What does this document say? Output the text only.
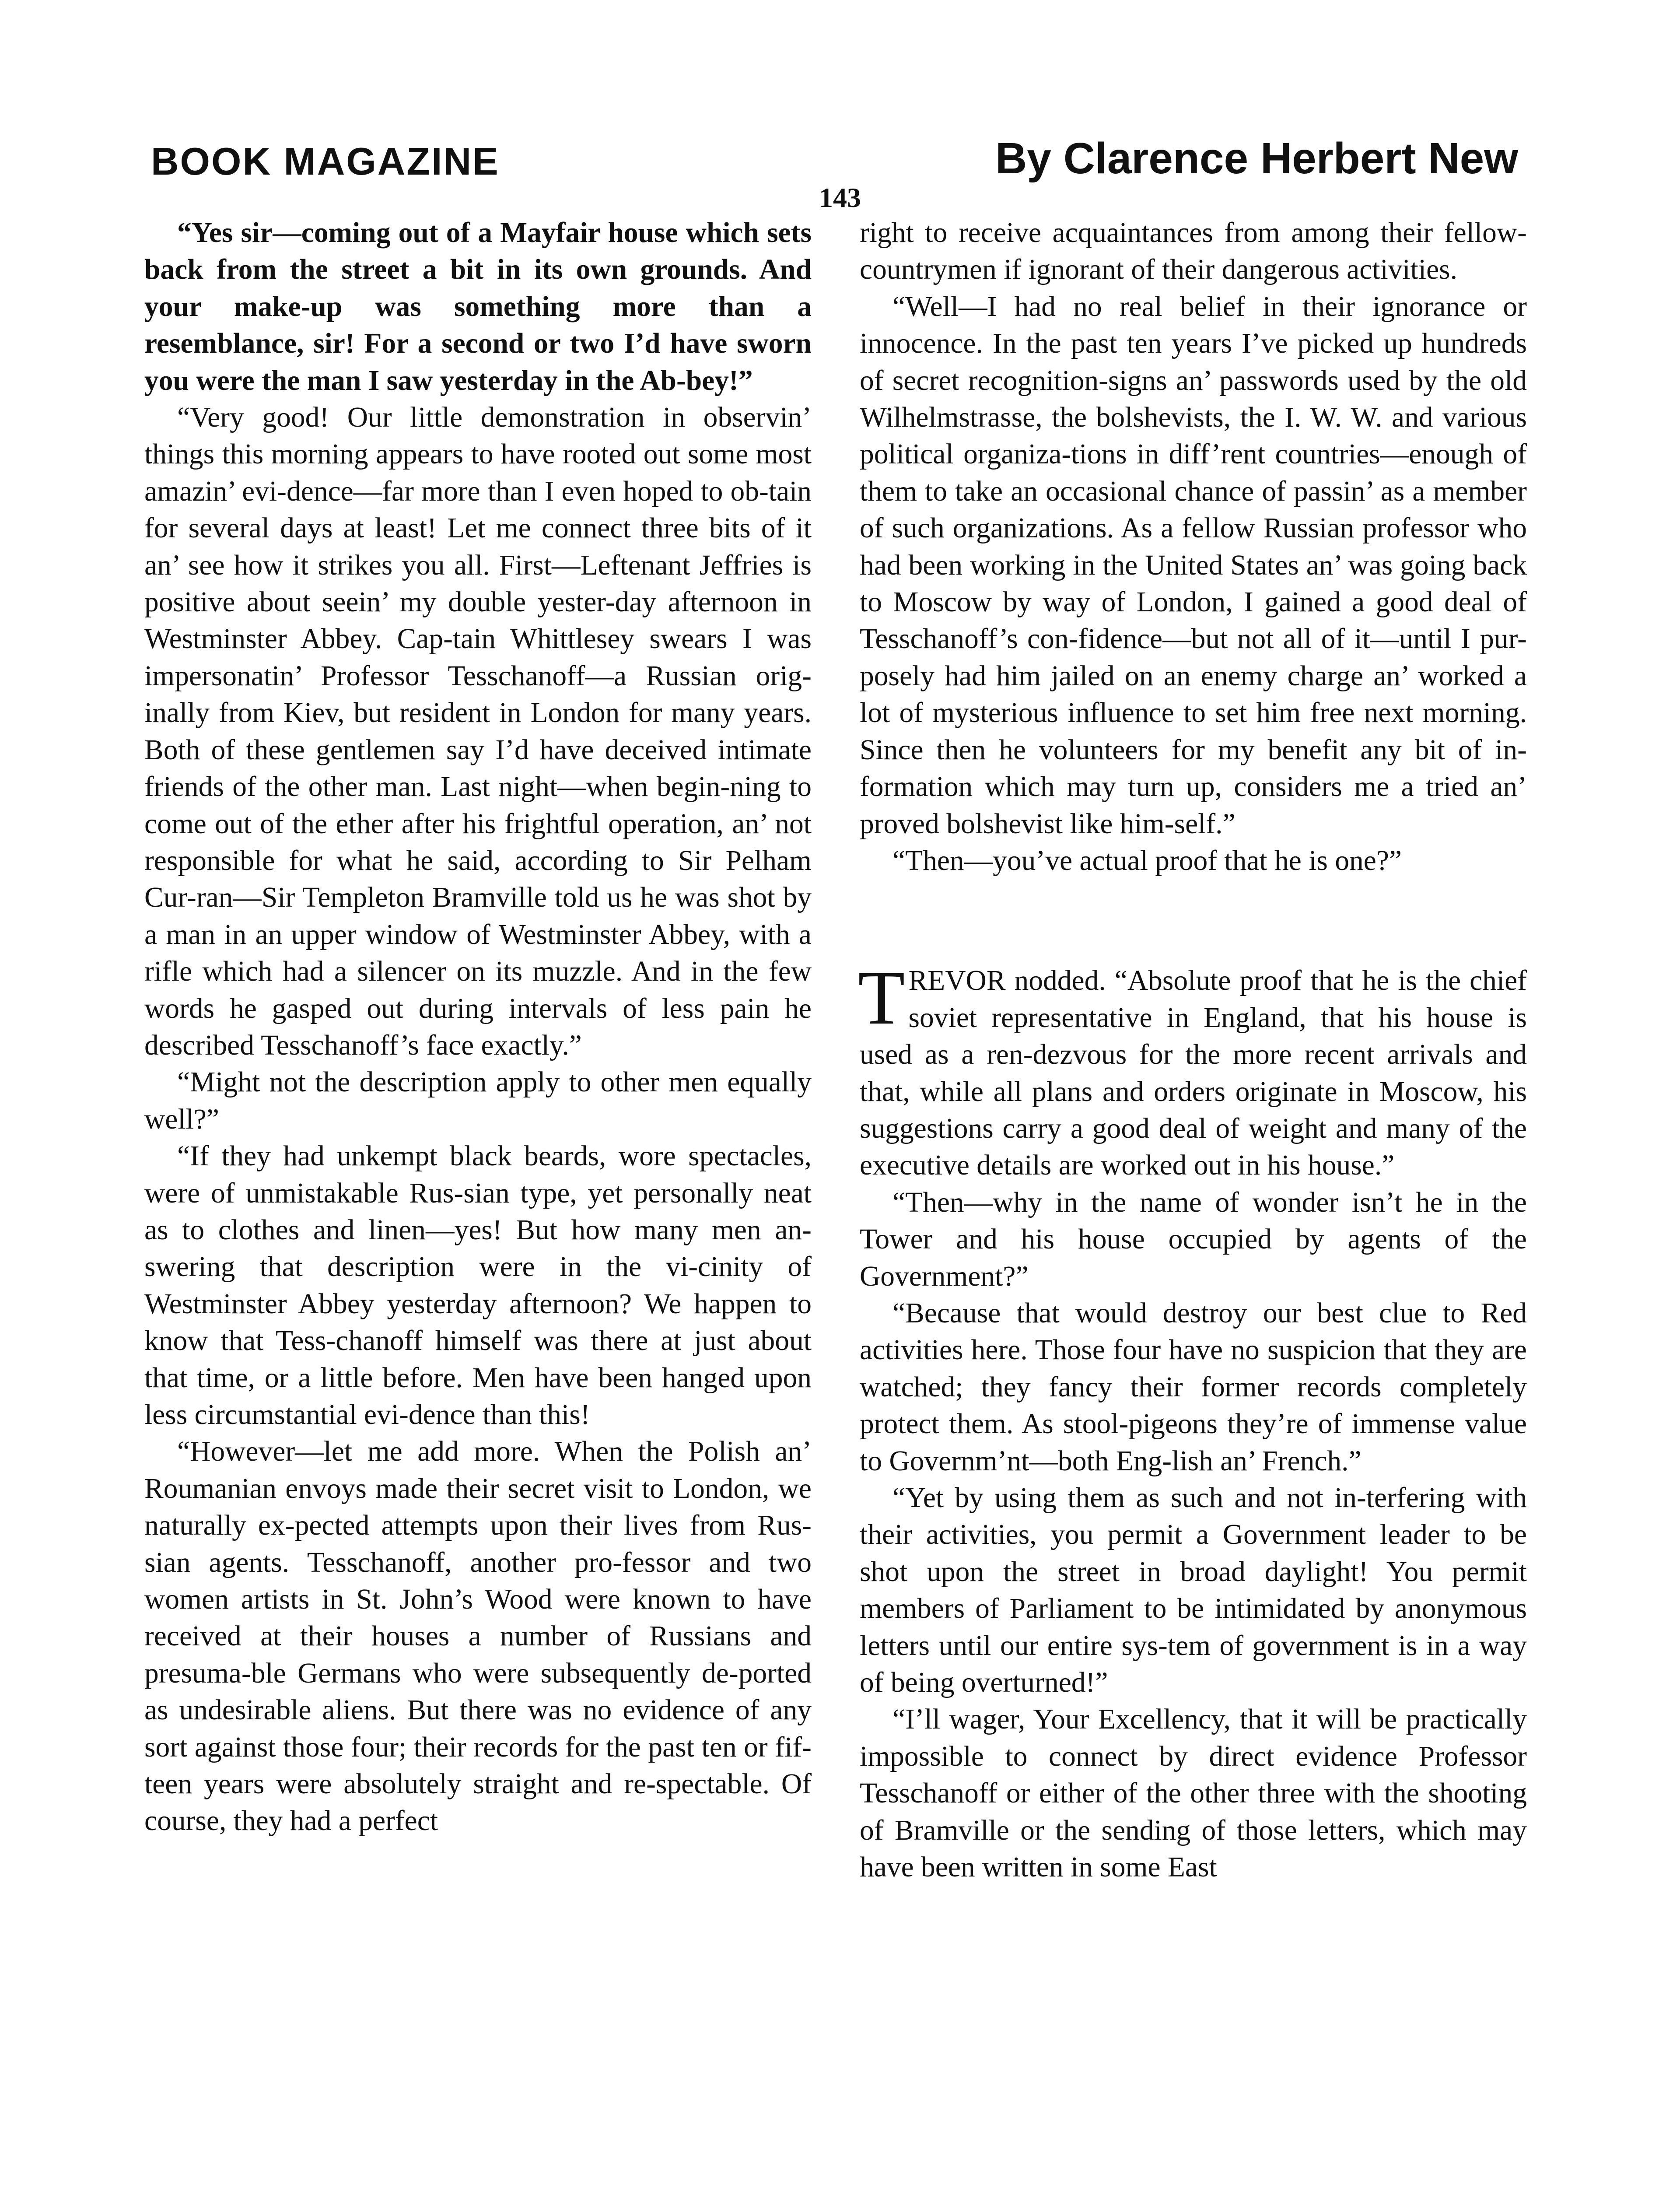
BOOK MAGAZINE	By Clarence Herbert New
143

“Yes sir—coming out of a Mayfair house which sets back from the street a bit in its own grounds. And your make-up was something more than a resemblance, sir! For a second or two I’d have sworn you were the man I saw yesterday in the Ab-bey!”

“Very good! Our little demonstration in observin’ things this morning appears to have rooted out some most amazin’ evi-dence—far more than I even hoped to ob-tain for several days at least! Let me connect three bits of it an’ see how it strikes you all. First—Leftenant Jeffries is positive about seein’ my double yester-day afternoon in Westminster Abbey. Cap-tain Whittlesey swears I was impersonatin’ Professor Tesschanoff—a Russian orig-inally from Kiev, but resident in London for many years. Both of these gentlemen say I’d have deceived intimate friends of the other man. Last night—when begin-ning to come out of the ether after his frightful operation, an’ not responsible for what he said, according to Sir Pelham Cur-ran—Sir Templeton Bramville told us he was shot by a man in an upper window of Westminster Abbey, with a rifle which had a silencer on its muzzle. And in the few words he gasped out during intervals of less pain he described Tesschanoff’s face exactly.”

“Might not the description apply to other men equally well?”

“If they had unkempt black beards, wore spectacles, were of unmistakable Rus-sian type, yet personally neat as to clothes and linen—yes! But how many men an-swering that description were in the vi-cinity of Westminster Abbey yesterday afternoon? We happen to know that Tess-chanoff himself was there at just about that time, or a little before. Men have been hanged upon less circumstantial evi-dence than this!

“However—let me add more. When the Polish an’ Roumanian envoys made their secret visit to London, we naturally ex-pected attempts upon their lives from Rus-sian agents. Tesschanoff, another pro-fessor and two women artists in St. John’s Wood were known to have received at their houses a number of Russians and presuma-ble Germans who were subsequently de-ported as undesirable aliens. But there was no evidence of any sort against those four; their records for the past ten or fif-teen years were absolutely straight and re-spectable. Of course, they had a perfect

right to receive acquaintances from among their fellow-countrymen if ignorant of their dangerous activities.

“Well—I had no real belief in their ignorance or innocence. In the past ten years I’ve picked up hundreds of secret recognition-signs an’ passwords used by the old Wilhelmstrasse, the bolshevists, the I. W. W. and various political organiza-tions in diff’rent countries—enough of them to take an occasional chance of passin’ as a member of such organizations. As a fellow Russian professor who had been working in the United States an’ was going back to Moscow by way of London, I gained a good deal of Tesschanoff’s con-fidence—but not all of it—until I pur-posely had him jailed on an enemy charge an’ worked a lot of mysterious influence to set him free next morning. Since then he volunteers for my benefit any bit of in-formation which may turn up, considers me a tried an’ proved bolshevist like him-self.”

“Then—you’ve actual proof that he is one?”

TREVOR nodded. “Absolute proof that he is the chief soviet representative in England, that his house is used as a ren-dezvous for the more recent arrivals and that, while all plans and orders originate in Moscow, his suggestions carry a good deal of weight and many of the executive details are worked out in his house.”

“Then—why in the name of wonder isn’t he in the Tower and his house occupied by agents of the Government?”

“Because that would destroy our best clue to Red activities here. Those four have no suspicion that they are watched; they fancy their former records completely protect them. As stool-pigeons they’re of immense value to Governm’nt—both Eng-lish an’ French.”

“Yet by using them as such and not in-terfering with their activities, you permit a Government leader to be shot upon the street in broad daylight! You permit members of Parliament to be intimidated by anonymous letters until our entire sys-tem of government is in a way of being overturned!”

“I’ll wager, Your Excellency, that it will be practically impossible to connect by direct evidence Professor Tesschanoff or either of the other three with the shooting of Bramville or the sending of those letters, which may have been written in some East
